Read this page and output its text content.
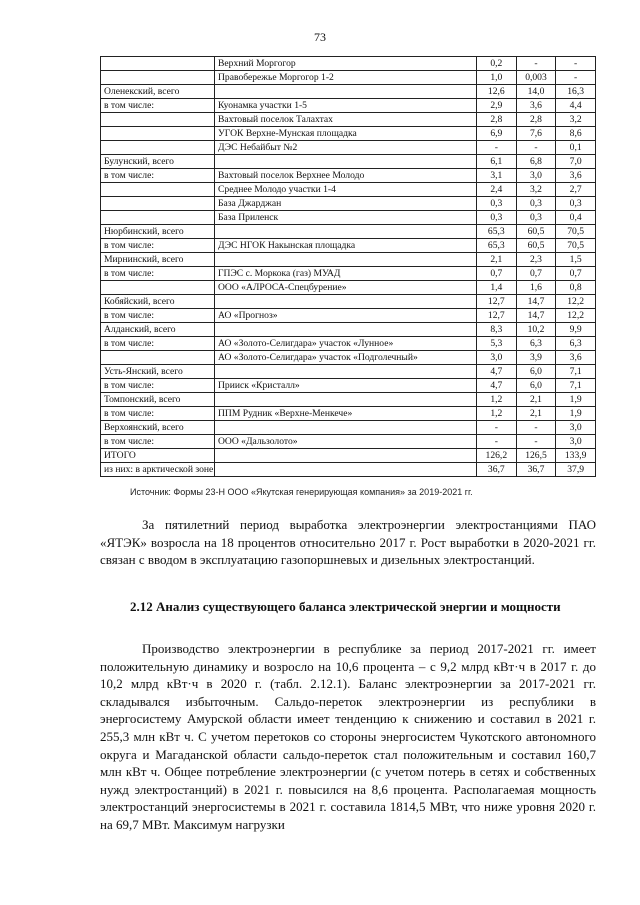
73
	Верхний Моргогор	0,2	-	-
	Правобережье Моргогор 1-2	1,0	0,003	-
Оленекский, всего		12,6	14,0	16,3
в том числе:	Куонамка участки 1-5	2,9	3,6	4,4
	Вахтовый поселок Талахтах	2,8	2,8	3,2
	УГОК Верхне-Мунская площадка	6,9	7,6	8,6
	ДЭС Небайбыт №2	-	-	0,1
Булунский, всего		6,1	6,8	7,0
в том числе:	Вахтовый поселок Верхнее Молодо	3,1	3,0	3,6
	Среднее Молодо участки 1-4	2,4	3,2	2,7
	База Джарджан	0,3	0,3	0,3
	База Приленск	0,3	0,3	0,4
Нюрбинский, всего		65,3	60,5	70,5
в том числе:	ДЭС НГОК Накынская площадка	65,3	60,5	70,5
Мирнинский, всего		2,1	2,3	1,5
в том числе:	ГПЭС с. Моркока (газ) МУАД	0,7	0,7	0,7
	ООО «АЛРОСА-Спецбурение»	1,4	1,6	0,8
Кобяйский, всего		12,7	14,7	12,2
в том числе:	АО «Прогноз»	12,7	14,7	12,2
Алданский, всего		8,3	10,2	9,9
в том числе:	АО «Золото-Селигдара» участок «Лунное»	5,3	6,3	6,3
	АО «Золото-Селигдара» участок «Подголечный»	3,0	3,9	3,6
Усть-Янский, всего		4,7	6,0	7,1
в том числе:	Прииск «Кристалл»	4,7	6,0	7,1
Томпонский, всего		1,2	2,1	1,9
в том числе:	ППМ Рудник «Верхне-Менкече»	1,2	2,1	1,9
Верхоянский, всего		-	-	3,0
в том числе:	ООО «Дальзолото»	-	-	3,0
ИТОГО		126,2	126,5	133,9
из них: в арктической зоне		36,7	36,7	37,9
Источник: Формы 23-Н ООО «Якутская генерирующая компания» за 2019-2021 гг.

За пятилетний период выработка электроэнергии электростанциями ПАО «ЯТЭК» возросла на 18 процентов относительно 2017 г. Рост выработки в 2020-2021 гг. связан с вводом в эксплуатацию газопоршневых и дизельных электростанций.

2.12 Анализ существующего баланса электрической энергии и мощности

Производство электроэнергии в республике за период 2017-2021 гг. имеет положительную динамику и возросло на 10,6 процента – с 9,2 млрд кВт·ч в 2017 г. до 10,2 млрд кВт·ч в 2020 г. (табл. 2.12.1). Баланс электроэнергии за 2017-2021 гг. складывался избыточным. Сальдо-переток электроэнергии из республики в энергосистему Амурской области имеет тенденцию к снижению и составил в 2021 г. 255,3 млн кВт ч. С учетом перетоков со стороны энергосистем Чукотского автономного округа и Магаданской области сальдо-переток стал положительным и составил 160,7 млн кВт ч. Общее потребление электроэнергии (с учетом потерь в сетях и собственных нужд электростанций) в 2021 г. повысился на 8,6 процента. Располагаемая мощность электростанций энергосистемы в 2021 г. составила 1814,5 МВт, что ниже уровня 2020 г. на 69,7 МВт. Максимум нагрузки
